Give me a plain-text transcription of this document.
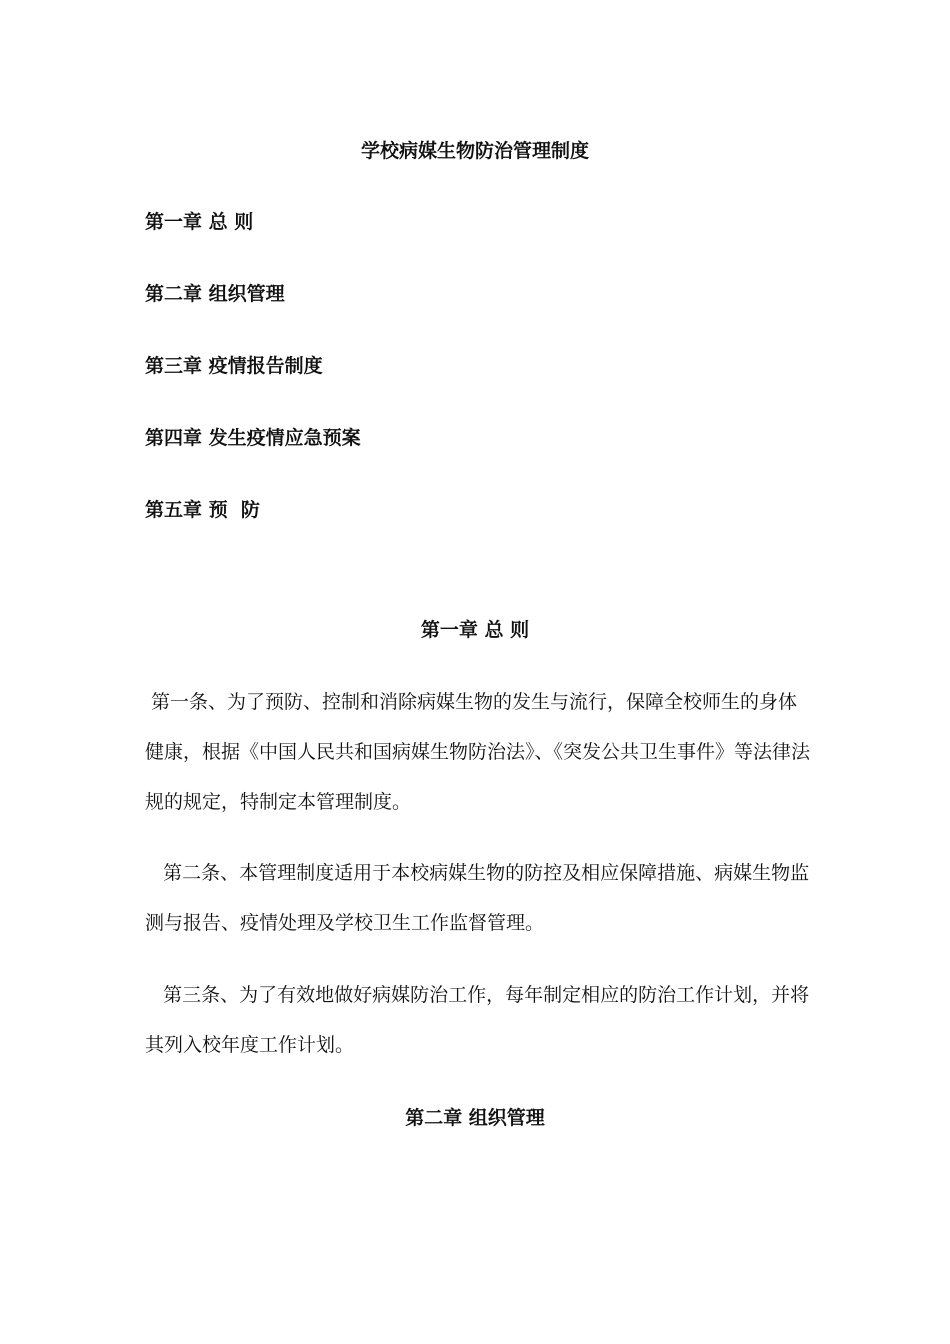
学校病媒生物防治管理制度
第一章 总 则
第二章 组织管理
第三章 疫情报告制度
第四章 发生疫情应急预案
第五章 预  防
第一章 总 则
第一条、为了预防、控制和消除病媒生物的发生与流行，保障全校师生的身体健康，根据《中国人民共和国病媒生物防治法》、《突发公共卫生事件》等法律法规的规定，特制定本管理制度。
第二条、本管理制度适用于本校病媒生物的防控及相应保障措施、病媒生物监测与报告、疫情处理及学校卫生工作监督管理。
第三条、为了有效地做好病媒防治工作，每年制定相应的防治工作计划，并将其列入校年度工作计划。
第二章 组织管理
